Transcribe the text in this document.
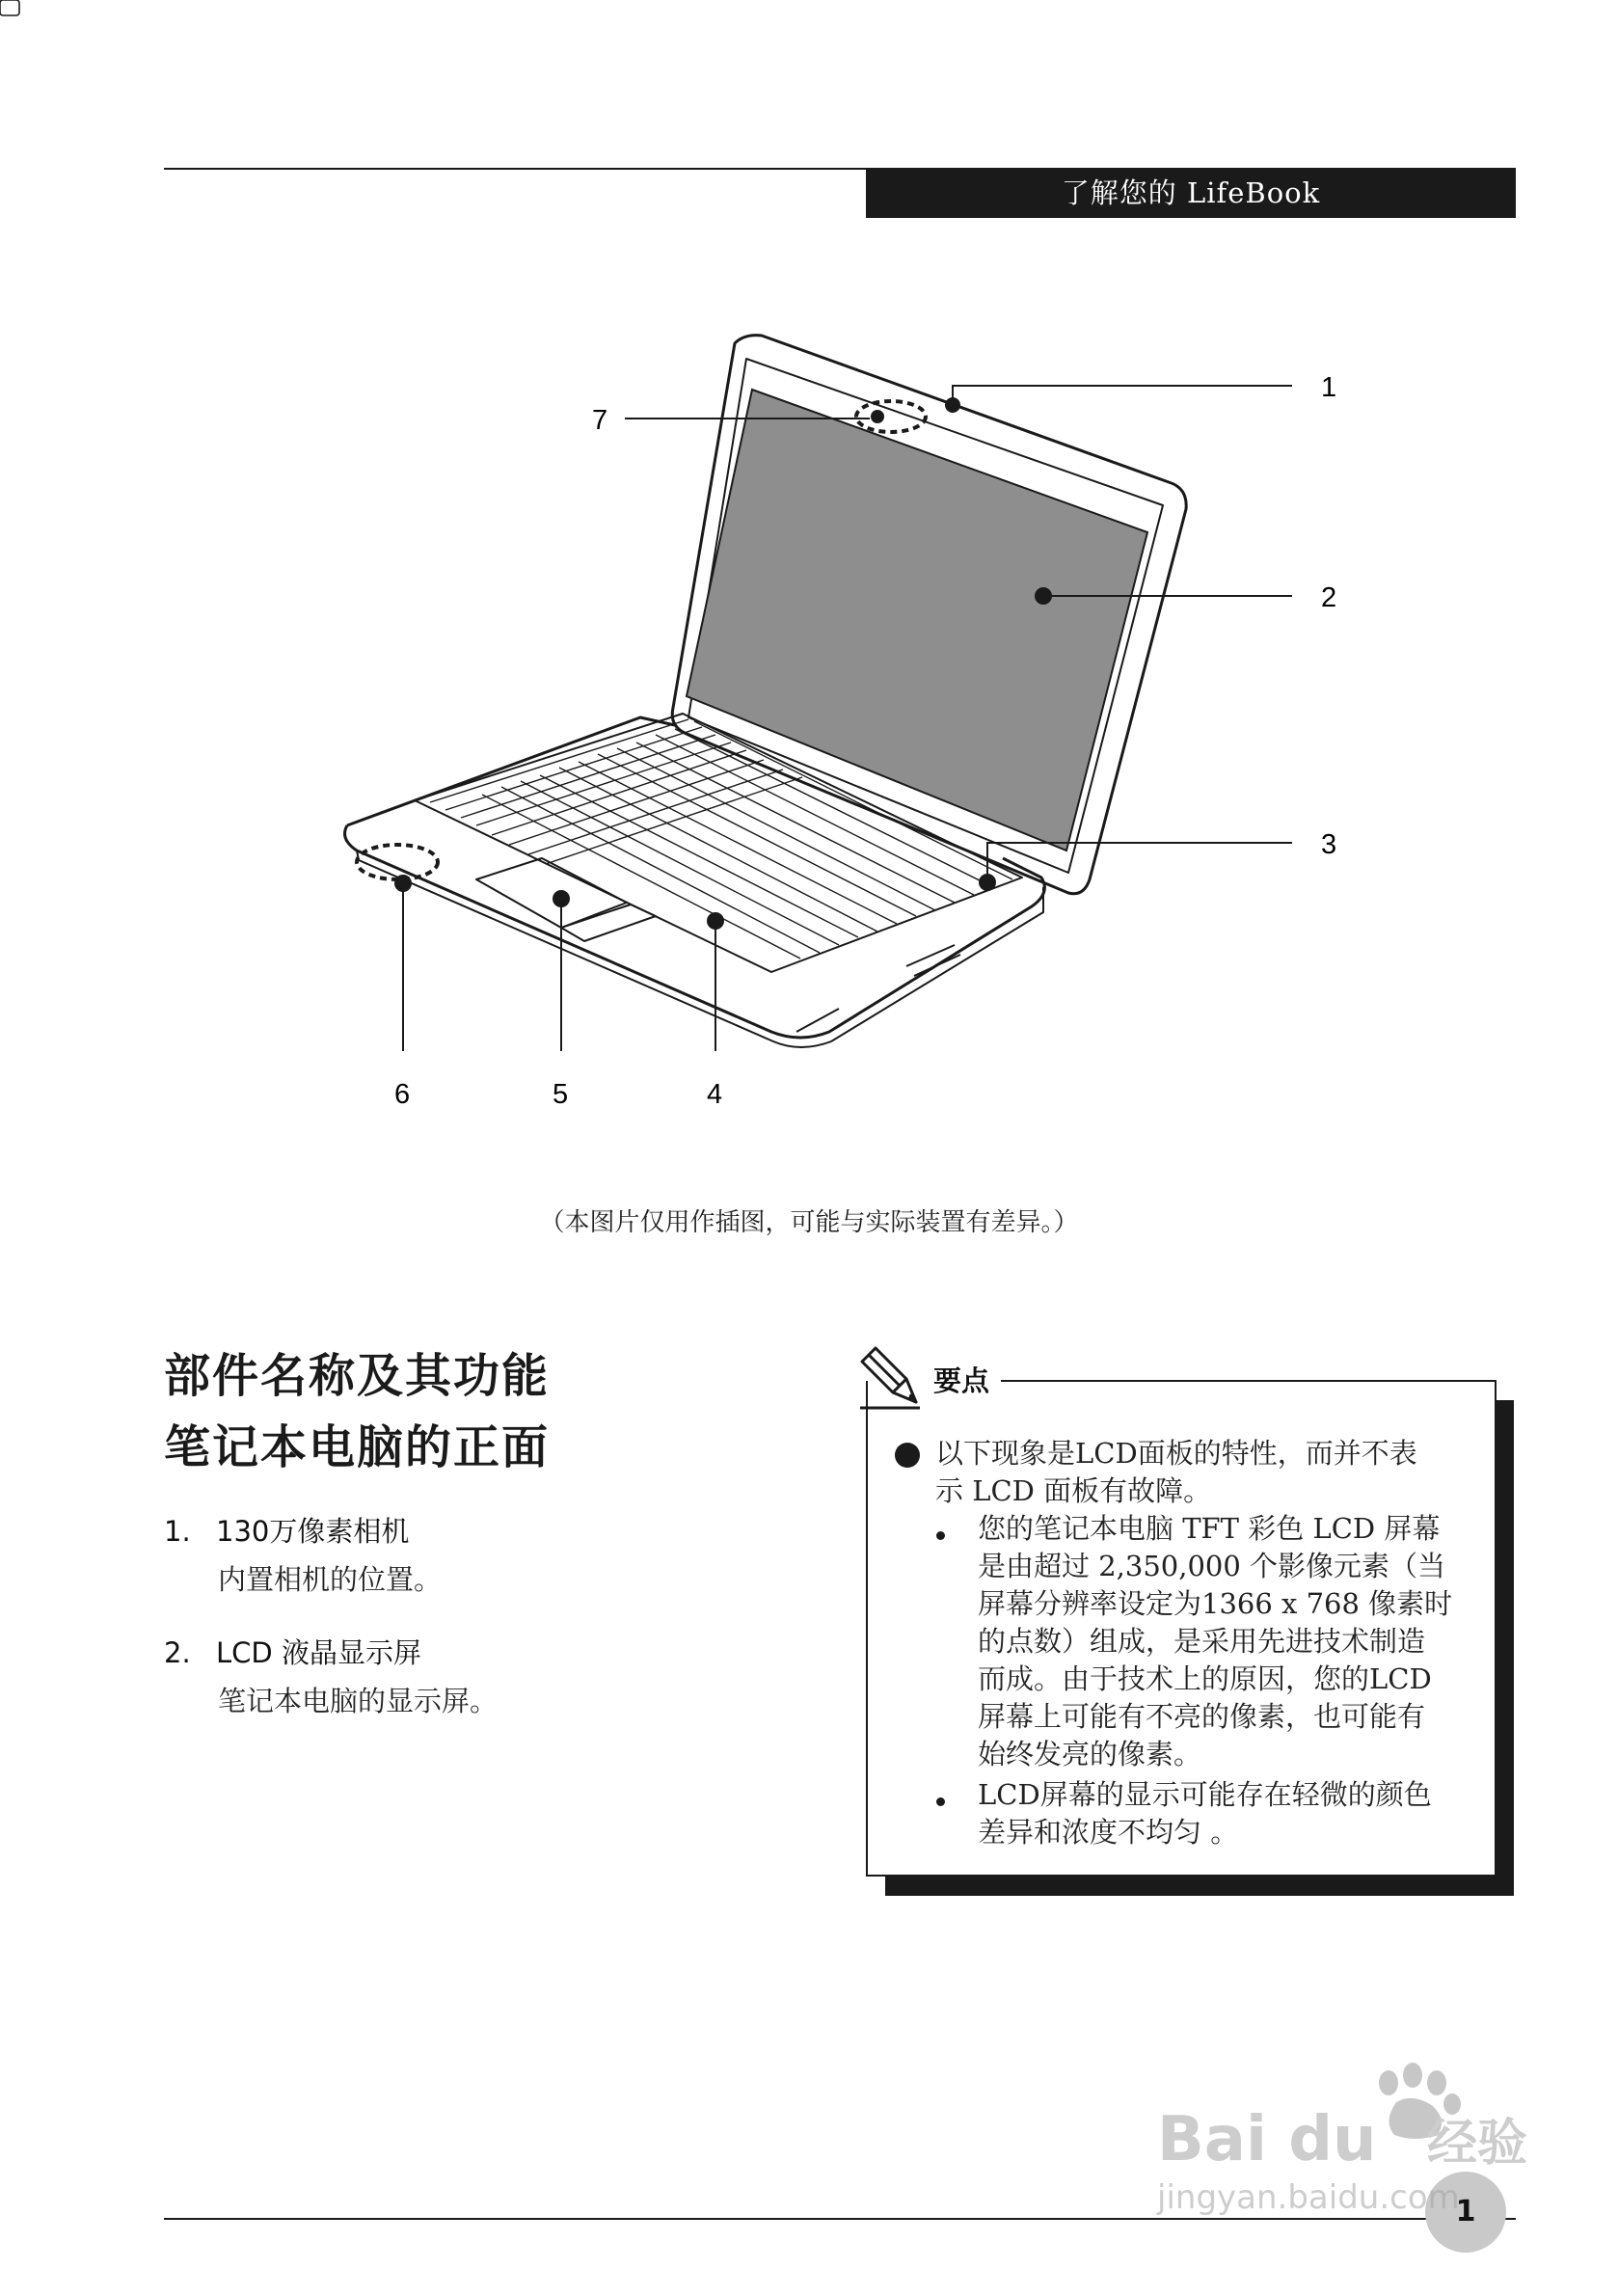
了解您的 LifeBook
1
2
3
4
5
6
7
（本图片仅用作插图，可能与实际装置有差异。）
部件名称及其功能
笔记本电脑的正面
1. 130万像素相机
内置相机的位置。
2. LCD 液晶显示屏
笔记本电脑的显示屏。
要点
以下现象是LCD面板的特性，而并不表
示 LCD 面板有故障。
您的笔记本电脑 TFT 彩色 LCD 屏幕
是由超过 2,350,000 个影像元素（当
屏幕分辨率设定为1366 x 768 像素时
的点数）组成，是采用先进技术制造
而成。由于技术上的原因，您的LCD
屏幕上可能有不亮的像素，也可能有
始终发亮的像素。
LCD屏幕的显示可能存在轻微的颜色
差异和浓度不均匀 。
1
Bai du 经验
jingyan.baidu.com
